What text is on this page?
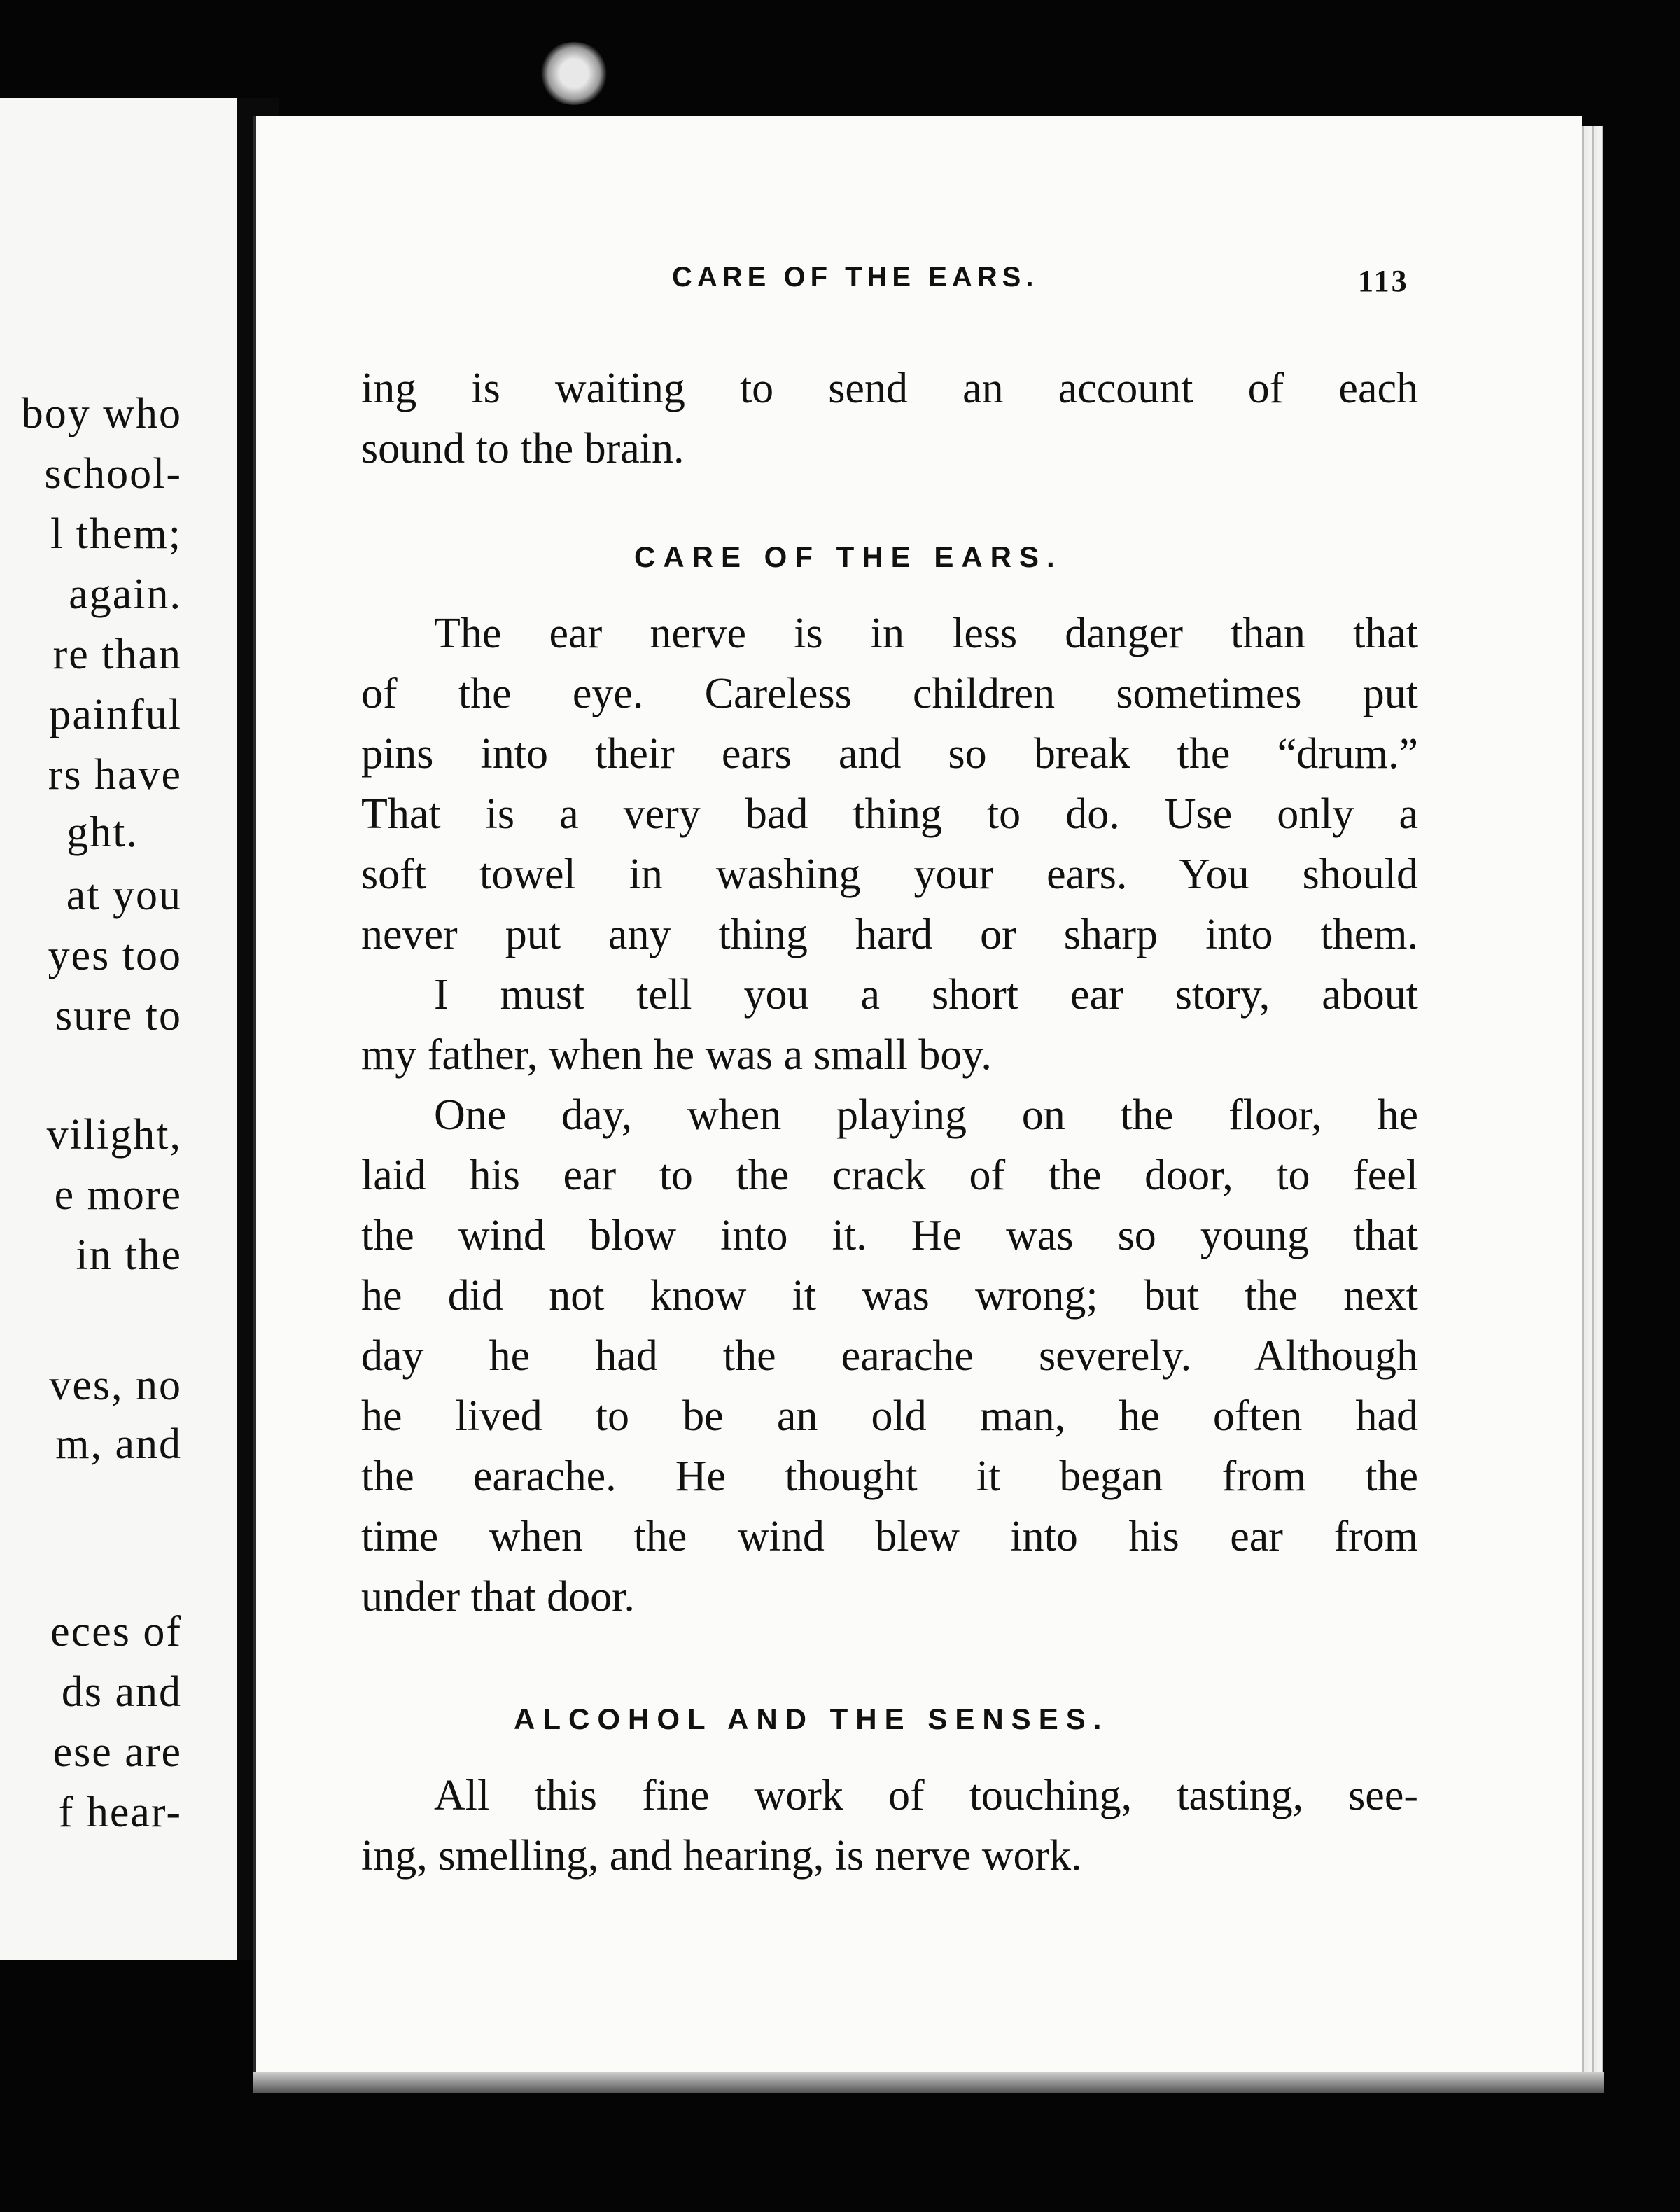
boy who
school-
l them;
again.
re than
painful
rs have
ght.
at you
yes too
sure to
vilight,
e more
in the
ves, no
m, and
eces of
ds and
ese are
f hear-
CARE OF THE EARS.	113
ing is waiting to send an account of each
sound to the brain.
CARE OF THE EARS.
The ear nerve is in less danger than that
of the eye. Careless children sometimes put
pins into their ears and so break the “drum.”
That is a very bad thing to do. Use only a
soft towel in washing your ears. You should
never put any thing hard or sharp into them.
I must tell you a short ear story, about
my father, when he was a small boy.
One day, when playing on the floor, he
laid his ear to the crack of the door, to feel
the wind blow into it. He was so young that
he did not know it was wrong; but the next
day he had the earache severely. Although
he lived to be an old man, he often had
the earache. He thought it began from the
time when the wind blew into his ear from
under that door.
ALCOHOL AND THE SENSES.
All this fine work of touching, tasting, see-
ing, smelling, and hearing, is nerve work.
